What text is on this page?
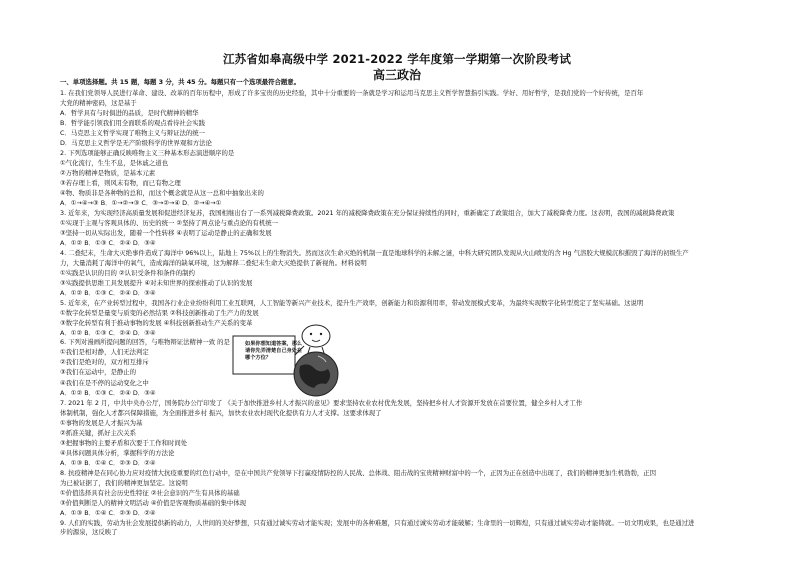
江苏省如皋高级中学 2021-2022 学年度第一学期第一次阶段考试
高三政治
一、单项选择题。共 15 题，每题 3 分，共 45 分。每题只有一个选项最符合题意。
1. 在我们党领导人民进行革命、建设、改革的百年历程中，形成了许多宝贵的历史经验，其中十分重要的一条就是学习和运用马克思主义哲学智慧指引实践。学好、用好哲学，是我们党的一个好传统，是百年
大党的精神密码，这是基于
A．哲学具有与时俱进的品质，是时代精神的精华
B．哲学能引领我们用全面联系的观点看待社会实践
C．马克思主义哲学实现了唯物主义与辩证法的统一
D．马克思主义哲学是无产阶级科学的世界观和方法论
2. 下列选项能够正确反映唯物主义三种基本形态演进顺序的是
①气化流行，生生不息，是休戚之道也
②万物的精神是物质，是基本元素
③若存理上看，则风末有物，而已有物之理
④物、物质非是各种物的总和，而这个概念就是从这一总和中抽象出来的
A．①→④→③ B．①→②→③ C．③→②→④ D．②→④→①
3. 近年来，为实现经济高质量发展和促进经济复苏，我国相继出台了一系列减税降费政策。2021 年的减税降费政策在充分保证持续性的同时，重新确定了政策组合，加大了减税降费力度。这表明，我国的减税降费政策
①实现于主观与客观具体的、历史的统一 ②坚持了两点论与重点论的有机统一
③坚持一切从实际出发，随着一个性转移 ④表明了运动是静止的正确和发展
A．①② B．①③ C．②④ D．③④
4. 二叠纪末，生命大灭绝事件造成了海洋中 96%以上，陆地上 75%以上的生物消失。然而这次生命灭绝的机制一直是地球科学的未解之谜，中科大研究团队发现从火山喷发的含 Hg 气溶胶大规模沉积摧毁了海洋的初级生产
力，大量消耗了海洋中的氧气，造成海洋的缺氧环境，这为解释二叠纪末生命大灭绝提供了新视角。材料说明
①实践是认识的目的 ②认识受条件和条件的制约
③实践提供思维工具发展提升 ④对未知世界的探索推动了认识的发展
A．①② B．①③ C．②④ D．③④
5. 近年来，在产业转型过程中，我国各行业企业纷纷利用工业互联网，人工智能等新兴产业技术，提升生产效率，创新能力和资源利用率，带动发展模式变革，为最终实现数字化转型奠定了坚实基础。这说明
①数字化转型是量变与质变的必然结果 ②科技创新推动了生产力的发展
③数字化转型有利于推动事物的发展 ④科技创新推动生产关系的变革
A．①② B．①③ C．②④ D．③④
6. 下列对漫画所提问题的回答，与唯物辩证法精神一致 的是
①我们是相对静，人们无法判定
②我们是绝对的，双方相互排斥
③我们在运动中，是静止的
④我们在是不停的运动变化之中
A．①② B．①③ C．②④ D．③④
7. 2021 年 2 月，中共中央办公厅，国务院办公厅印发了 《关于加快推进乡村人才振兴的意见》要求坚持农业农村优先发展，坚持把乡村人才资源开发放在首要位置，健全乡村人才工作
体制机制，强化人才都兴保障措施，为全面推进乡村 振兴，加快农业农村现代化提供有力人才支撑。这要求体现了
①事物的发展是人才振兴为基
②抓准关键，抓好主次关系
③把握事物的主要矛盾和次要于工作和时间处
④具体问题具体分析，掌握科学的方法论
A．①③ B．①④ C．②③ D．②④
8. 抗疫精神是在同心协力应对疫情大抗疫重要的红色行动中，是在中国共产党领导下打赢疫情防控的人民战、总体战、阻击战的宝贵精神财富中的一个，正因为正在创造中出现了，我们的精神更加生机勃勃，正因
为已被证据了，我们的精神更加坚定。这说明
①价值选择具有社会历史性特征 ②社会意识的产生有具体的基础
③价值判断是人的精神文明活动 ④价值是客观物质基础的集中体现
A．①③ B．①④ C．②③ D．②④
9. 人们的实践，劳动为社会发展提供新的动力，人世间的美好梦想，只有通过诚实劳动才能实现；发展中的各种难题，只有通过诚实劳动才能破解；生命里的一切辉煌，只有通过诚实劳动才能铸就。一切文明成果，也是通过进
步的源泉，这反映了
如果你想知道答案，那么请你先弄清楚自己身处在哪个方位？
